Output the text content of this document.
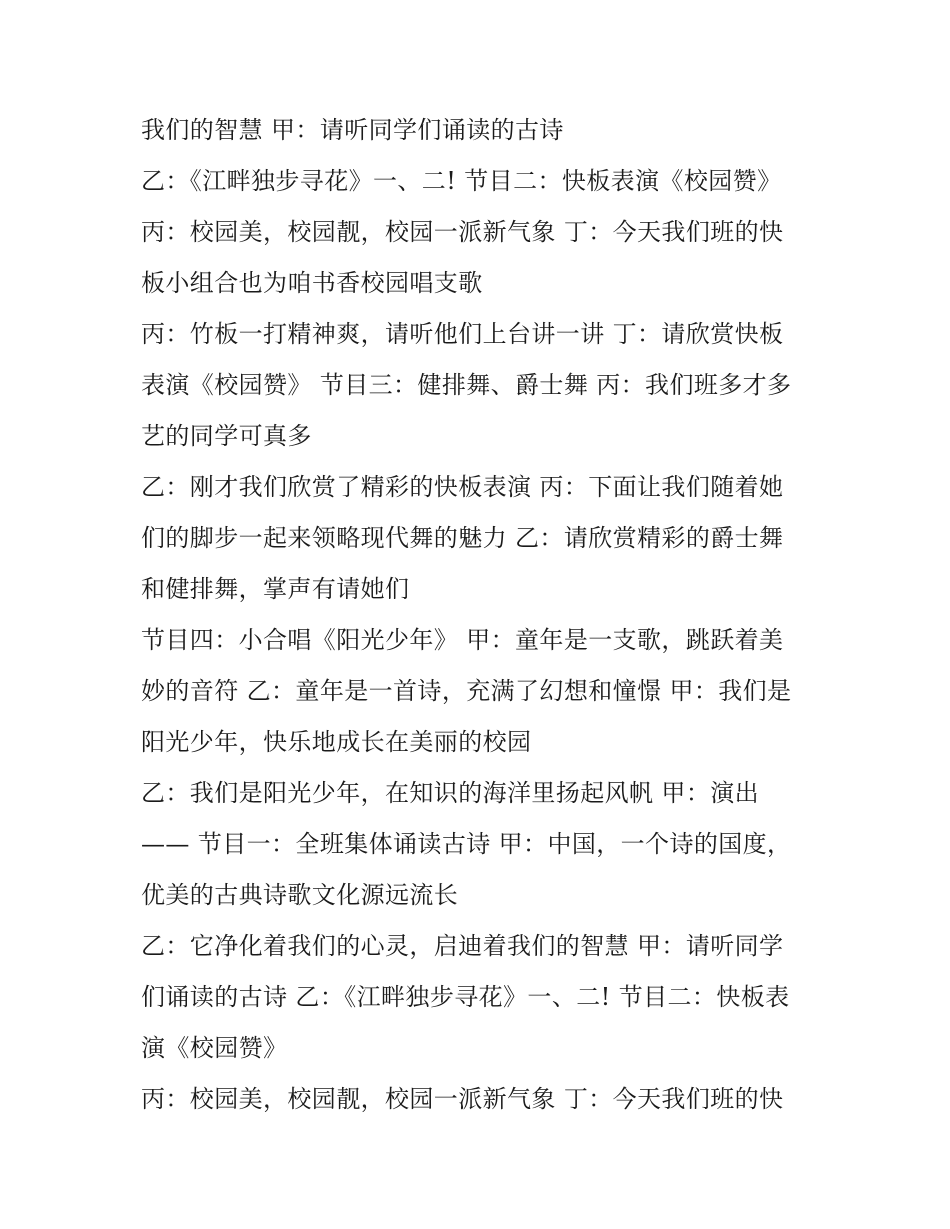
我们的智慧 甲：请听同学们诵读的古诗
乙：《江畔独步寻花》一、二! 节目二：快板表演《校园赞》
丙：校园美，校园靓，校园一派新气象 丁：今天我们班的快
板小组合也为咱书香校园唱支歌
丙：竹板一打精神爽，请听他们上台讲一讲 丁：请欣赏快板
表演《校园赞》 节目三：健排舞、爵士舞 丙：我们班多才多
艺的同学可真多
乙：刚才我们欣赏了精彩的快板表演 丙：下面让我们随着她
们的脚步一起来领略现代舞的魅力 乙：请欣赏精彩的爵士舞
和健排舞，掌声有请她们
节目四：小合唱《阳光少年》 甲：童年是一支歌，跳跃着美
妙的音符 乙：童年是一首诗，充满了幻想和憧憬 甲：我们是
阳光少年，快乐地成长在美丽的校园
乙：我们是阳光少年，在知识的海洋里扬起风帆 甲：演出
—— 节目一：全班集体诵读古诗 甲：中国，一个诗的国度，
优美的古典诗歌文化源远流长
乙：它净化着我们的心灵，启迪着我们的智慧 甲：请听同学
们诵读的古诗 乙：《江畔独步寻花》一、二! 节目二：快板表
演《校园赞》
丙：校园美，校园靓，校园一派新气象 丁：今天我们班的快
